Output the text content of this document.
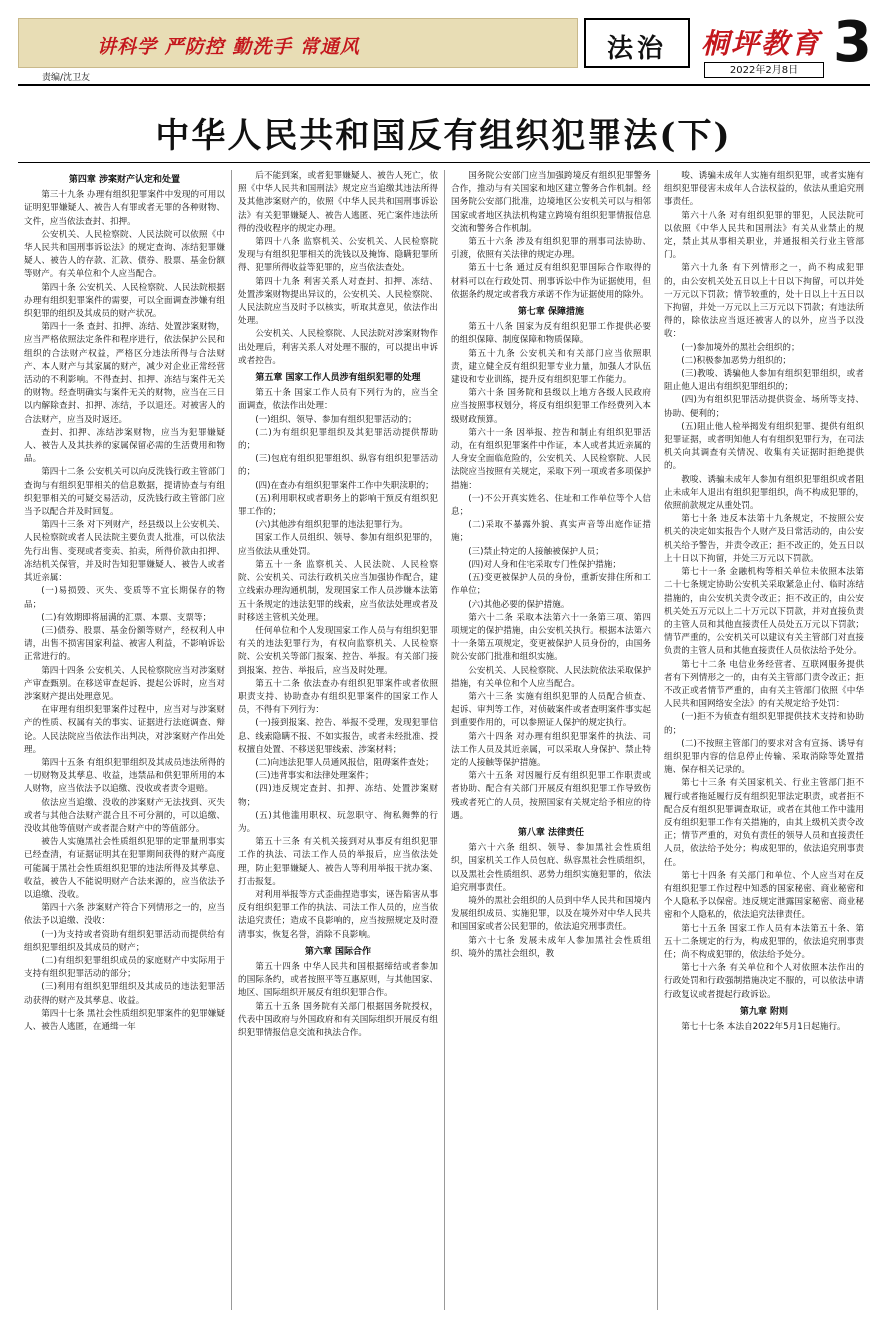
讲科学 严防控 勤洗手 常通风	法治	桐坪教育
2022年2月8日 3
责编/沈卫友
中华人民共和国反有组织犯罪法(下)
第四章 涉案财产认定和处置

第三十九条 办理有组织犯罪案件中发现的可用以证明犯罪嫌疑人、被告人有罪或者无罪的各种财物、文件，应当依法查封、扣押。

公安机关、人民检察院、人民法院可以依照《中华人民共和国刑事诉讼法》的规定查询、冻结犯罪嫌疑人、被告人的存款、汇款、债券、股票、基金份额等财产。有关单位和个人应当配合。

第四十条 公安机关、人民检察院、人民法院根据办理有组织犯罪案件的需要，可以全面调查涉嫌有组织犯罪的组织及其成员的财产状况。

第四十一条 查封、扣押、冻结、处置涉案财物，应当严格依照法定条件和程序进行，依法保护公民和组织的合法财产权益，严格区分违法所得与合法财产、本人财产与其家属的财产，减少对企业正常经营活动的不利影响。不得查封、扣押、冻结与案件无关的财物。经查明确实与案件无关的财物，应当在三日以内解除查封、扣押、冻结，予以退还。对被害人的合法财产，应当及时返还。

查封、扣押、冻结涉案财物，应当为犯罪嫌疑人、被告人及其扶养的家属保留必需的生活费用和物品。

第四十二条 公安机关可以向反洗钱行政主管部门查询与有组织犯罪相关的信息数据，提请协查与有组织犯罪相关的可疑交易活动，反洗钱行政主管部门应当予以配合并及时回复。

第四十三条 对下列财产，经县级以上公安机关、人民检察院或者人民法院主要负责人批准，可以依法先行出售、变现或者变卖、拍卖，所得价款由扣押、冻结机关保管，并及时告知犯罪嫌疑人、被告人或者其近亲属：

(一)易损毁、灭失、变质等不宜长期保存的物品；

(二)有效期即将届满的汇票、本票、支票等；

(三)债券、股票、基金份额等财产，经权利人申请，出售不损害国家利益、被害人利益，不影响诉讼正常进行的。

第四十四条 公安机关、人民检察院应当对涉案财产审查甄别。在移送审查起诉、提起公诉时，应当对涉案财产提出处理意见。

在审理有组织犯罪案件过程中，应当对与涉案财产的性质、权属有关的事实、证据进行法庭调查、辩论。人民法院应当依法作出判决，对涉案财产作出处理。

第四十五条 有组织犯罪组织及其成员违法所得的一切财物及其孳息、收益，违禁品和供犯罪所用的本人财物，应当依法予以追缴、没收或者责令退赔。

依法应当追缴、没收的涉案财产无法找到、灭失或者与其他合法财产混合且不可分割的，可以追缴、没收其他等值财产或者混合财产中的等值部分。

被告人实施黑社会性质组织犯罪的定罪量刑事实已经查清，有证据证明其在犯罪期间获得的财产高度可能属于黑社会性质组织犯罪的违法所得及其孳息、收益，被告人不能说明财产合法来源的，应当依法予以追缴、没收。

第四十六条 涉案财产符合下列情形之一的，应当依法予以追缴、没收：

(一)为支持或者资助有组织犯罪活动而提供给有组织犯罪组织及其成员的财产；

(二)有组织犯罪组织成员的家庭财产中实际用于支持有组织犯罪活动的部分；

(三)利用有组织犯罪组织及其成员的违法犯罪活动获得的财产及其孳息、收益。

第四十七条 黑社会性质组织犯罪案件的犯罪嫌疑人、被告人逃匿，在通缉一年

后不能到案，或者犯罪嫌疑人、被告人死亡，依照《中华人民共和国刑法》规定应当追缴其违法所得及其他涉案财产的，依照《中华人民共和国刑事诉讼法》有关犯罪嫌疑人、被告人逃匿、死亡案件违法所得的没收程序的规定办理。

第四十八条 监察机关、公安机关、人民检察院发现与有组织犯罪相关的洗钱以及掩饰、隐瞒犯罪所得、犯罪所得收益等犯罪的，应当依法查处。

第四十九条 利害关系人对查封、扣押、冻结、处置涉案财物提出异议的，公安机关、人民检察院、人民法院应当及时予以核实，听取其意见，依法作出处理。

公安机关、人民检察院、人民法院对涉案财物作出处理后，利害关系人对处理不服的，可以提出申诉或者控告。

第五章 国家工作人员涉有组织犯罪的处理

第五十条 国家工作人员有下列行为的，应当全面调查，依法作出处理：

(一)组织、领导、参加有组织犯罪活动的；

(二)为有组织犯罪组织及其犯罪活动提供帮助的；

(三)包庇有组织犯罪组织、纵容有组织犯罪活动的；

(四)在查办有组织犯罪案件工作中失职渎职的；

(五)利用职权或者职务上的影响干预反有组织犯罪工作的；

(六)其他涉有组织犯罪的违法犯罪行为。

国家工作人员组织、领导、参加有组织犯罪的，应当依法从重处罚。

第五十一条 监察机关、人民法院、人民检察院、公安机关、司法行政机关应当加强协作配合，建立线索办理沟通机制，发现国家工作人员涉嫌本法第五十条规定的违法犯罪的线索，应当依法处理或者及时移送主管机关处理。

任何单位和个人发现国家工作人员与有组织犯罪有关的违法犯罪行为，有权向监察机关、人民检察院、公安机关等部门报案、控告、举报。有关部门接到报案、控告、举报后，应当及时处理。

第五十二条 依法查办有组织犯罪案件或者依照职责支持、协助查办有组织犯罪案件的国家工作人员，不得有下列行为：

(一)接到报案、控告、举报不受理，发现犯罪信息、线索隐瞒不报、不如实报告，或者未经批准、授权擅自处置、不移送犯罪线索、涉案材料；

(二)向违法犯罪人员通风报信，阻碍案件查处；

(三)违背事实和法律处理案件；

(四)违反规定查封、扣押、冻结、处置涉案财物；

(五)其他滥用职权、玩忽职守、徇私舞弊的行为。

第五十三条 有关机关接到对从事反有组织犯罪工作的执法、司法工作人员的举报后，应当依法处理，防止犯罪嫌疑人、被告人等利用举报干扰办案、打击报复。

对利用举报等方式歪曲捏造事实，诬告陷害从事反有组织犯罪工作的执法、司法工作人员的，应当依法追究责任；造成不良影响的，应当按照规定及时澄清事实，恢复名誉，消除不良影响。

第六章 国际合作

第五十四条 中华人民共和国根据缔结或者参加的国际条约，或者按照平等互惠原则，与其他国家、地区、国际组织开展反有组织犯罪合作。

第五十五条 国务院有关部门根据国务院授权，代表中国政府与外国政府和有关国际组织开展反有组织犯罪情报信息交流和执法合作。

国务院公安部门应当加强跨境反有组织犯罪警务合作，推动与有关国家和地区建立警务合作机制。经国务院公安部门批准，边境地区公安机关可以与相邻国家或者地区执法机构建立跨境有组织犯罪情报信息交流和警务合作机制。

第五十六条 涉及有组织犯罪的刑事司法协助、引渡，依照有关法律的规定办理。

第五十七条 通过反有组织犯罪国际合作取得的材料可以在行政处罚、刑事诉讼中作为证据使用，但依据条约规定或者我方承诺不作为证据使用的除外。

第七章 保障措施

第五十八条 国家为反有组织犯罪工作提供必要的组织保障、制度保障和物质保障。

第五十九条 公安机关和有关部门应当依照职责，建立健全反有组织犯罪专业力量，加强人才队伍建设和专业训练，提升反有组织犯罪工作能力。

第六十条 国务院和县级以上地方各级人民政府应当按照事权划分，将反有组织犯罪工作经费列入本级财政预算。

第六十一条 因举报、控告和制止有组织犯罪活动，在有组织犯罪案件中作证，本人或者其近亲属的人身安全面临危险的，公安机关、人民检察院、人民法院应当按照有关规定，采取下列一项或者多项保护措施：

(一)不公开真实姓名、住址和工作单位等个人信息；

(二)采取不暴露外貌、真实声音等出庭作证措施；

(三)禁止特定的人接触被保护人员；

(四)对人身和住宅采取专门性保护措施；

(五)变更被保护人员的身份，重新安排住所和工作单位；

(六)其他必要的保护措施。

第六十二条 采取本法第六十一条第三项、第四项规定的保护措施，由公安机关执行。根据本法第六十一条第五项规定，变更被保护人员身份的，由国务院公安部门批准和组织实施。

公安机关、人民检察院、人民法院依法采取保护措施，有关单位和个人应当配合。

第六十三条 实施有组织犯罪的人员配合侦查、起诉、审判等工作，对侦破案件或者查明案件事实起到重要作用的，可以参照证人保护的规定执行。

第六十四条 对办理有组织犯罪案件的执法、司法工作人员及其近亲属，可以采取人身保护、禁止特定的人接触等保护措施。

第六十五条 对因履行反有组织犯罪工作职责或者协助、配合有关部门开展反有组织犯罪工作导致伤残或者死亡的人员，按照国家有关规定给予相应的待遇。

第八章 法律责任

第六十六条 组织、领导、参加黑社会性质组织，国家机关工作人员包庇、纵容黑社会性质组织，以及黑社会性质组织、恶势力组织实施犯罪的，依法追究刑事责任。

境外的黑社会组织的人员到中华人民共和国境内发展组织成员、实施犯罪，以及在境外对中华人民共和国国家或者公民犯罪的，依法追究刑事责任。

第六十七条 发展未成年人参加黑社会性质组织、境外的黑社会组织，教

唆、诱骗未成年人实施有组织犯罪，或者实施有组织犯罪侵害未成年人合法权益的，依法从重追究刑事责任。

第六十八条 对有组织犯罪的罪犯，人民法院可以依照《中华人民共和国刑法》有关从业禁止的规定，禁止其从事相关职业，并通报相关行业主管部门。

第六十九条 有下列情形之一，尚不构成犯罪的，由公安机关处五日以上十日以下拘留，可以并处一万元以下罚款；情节较重的，处十日以上十五日以下拘留，并处一万元以上三万元以下罚款；有违法所得的，除依法应当返还被害人的以外，应当予以没收：

(一)参加境外的黑社会组织的；

(二)积极参加恶势力组织的；

(三)教唆、诱骗他人参加有组织犯罪组织，或者阻止他人退出有组织犯罪组织的；

(四)为有组织犯罪活动提供资金、场所等支持、协助、便利的；

(五)阻止他人检举揭发有组织犯罪、提供有组织犯罪证据，或者明知他人有有组织犯罪行为，在司法机关向其调查有关情况、收集有关证据时拒绝提供的。

教唆、诱骗未成年人参加有组织犯罪组织或者阻止未成年人退出有组织犯罪组织，尚不构成犯罪的，依照前款规定从重处罚。

第七十条 违反本法第十九条规定，不按照公安机关的决定如实报告个人财产及日常活动的，由公安机关给予警告，并责令改正；拒不改正的，处五日以上十日以下拘留，并处三万元以下罚款。

第七十一条 金融机构等相关单位未依照本法第二十七条规定协助公安机关采取紧急止付、临时冻结措施的，由公安机关责令改正；拒不改正的，由公安机关处五万元以上二十万元以下罚款，并对直接负责的主管人员和其他直接责任人员处五万元以下罚款；情节严重的，公安机关可以建议有关主管部门对直接负责的主管人员和其他直接责任人员依法给予处分。

第七十二条 电信业务经营者、互联网服务提供者有下列情形之一的，由有关主管部门责令改正；拒不改正或者情节严重的，由有关主管部门依照《中华人民共和国网络安全法》的有关规定给予处罚：

(一)拒不为侦查有组织犯罪提供技术支持和协助的；

(二)不按照主管部门的要求对含有宣扬、诱导有组织犯罪内容的信息停止传输、采取消除等处置措施、保存相关记录的。

第七十三条 有关国家机关、行业主管部门拒不履行或者拖延履行反有组织犯罪法定职责，或者拒不配合反有组织犯罪调查取证，或者在其他工作中滥用反有组织犯罪工作有关措施的，由其上级机关责令改正；情节严重的，对负有责任的领导人员和直接责任人员，依法给予处分；构成犯罪的，依法追究刑事责任。

第七十四条 有关部门和单位、个人应当对在反有组织犯罪工作过程中知悉的国家秘密、商业秘密和个人隐私予以保密。违反规定泄露国家秘密、商业秘密和个人隐私的，依法追究法律责任。

第七十五条 国家工作人员有本法第五十条、第五十二条规定的行为，构成犯罪的，依法追究刑事责任；尚不构成犯罪的，依法给予处分。

第七十六条 有关单位和个人对依照本法作出的行政处罚和行政强制措施决定不服的，可以依法申请行政复议或者提起行政诉讼。

第九章 附则

第七十七条 本法自2022年5月1日起施行。
